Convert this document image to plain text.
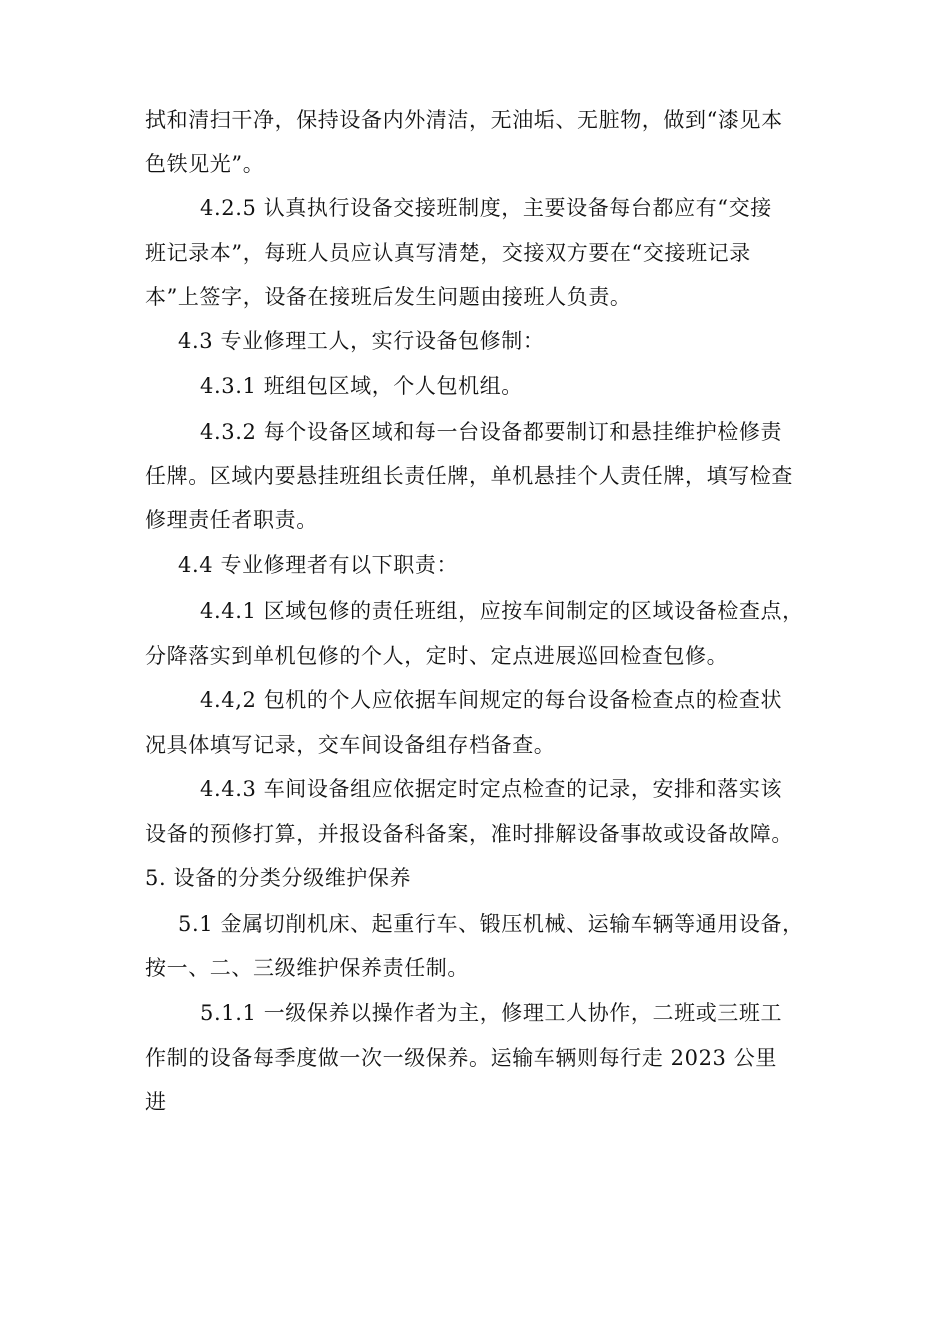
拭和清扫干净，保持设备内外清洁，无油垢、无脏物，做到“漆见本
色铁见光”。
4.2.5 认真执行设备交接班制度，主要设备每台都应有“交接
班记录本”，每班人员应认真写清楚，交接双方要在“交接班记录
本”上签字，设备在接班后发生问题由接班人负责。
4.3 专业修理工人，实行设备包修制：
4.3.1 班组包区域，个人包机组。
4.3.2 每个设备区域和每一台设备都要制订和悬挂维护检修责
任牌。区域内要悬挂班组长责任牌，单机悬挂个人责任牌，填写检查
修理责任者职责。
4.4 专业修理者有以下职责：
4.4.1 区域包修的责任班组，应按车间制定的区域设备检查点，
分降落实到单机包修的个人，定时、定点进展巡回检查包修。
4.4,2 包机的个人应依据车间规定的每台设备检查点的检查状
况具体填写记录，交车间设备组存档备查。
4.4.3 车间设备组应依据定时定点检查的记录，安排和落实该
设备的预修打算，并报设备科备案，准时排解设备事故或设备故障。
5. 设备的分类分级维护保养
5.1 金属切削机床、起重行车、锻压机械、运输车辆等通用设备，
按一、二、三级维护保养责任制。
5.1.1 一级保养以操作者为主，修理工人协作，二班或三班工
作制的设备每季度做一次一级保养。运输车辆则每行走 2023 公里
进
